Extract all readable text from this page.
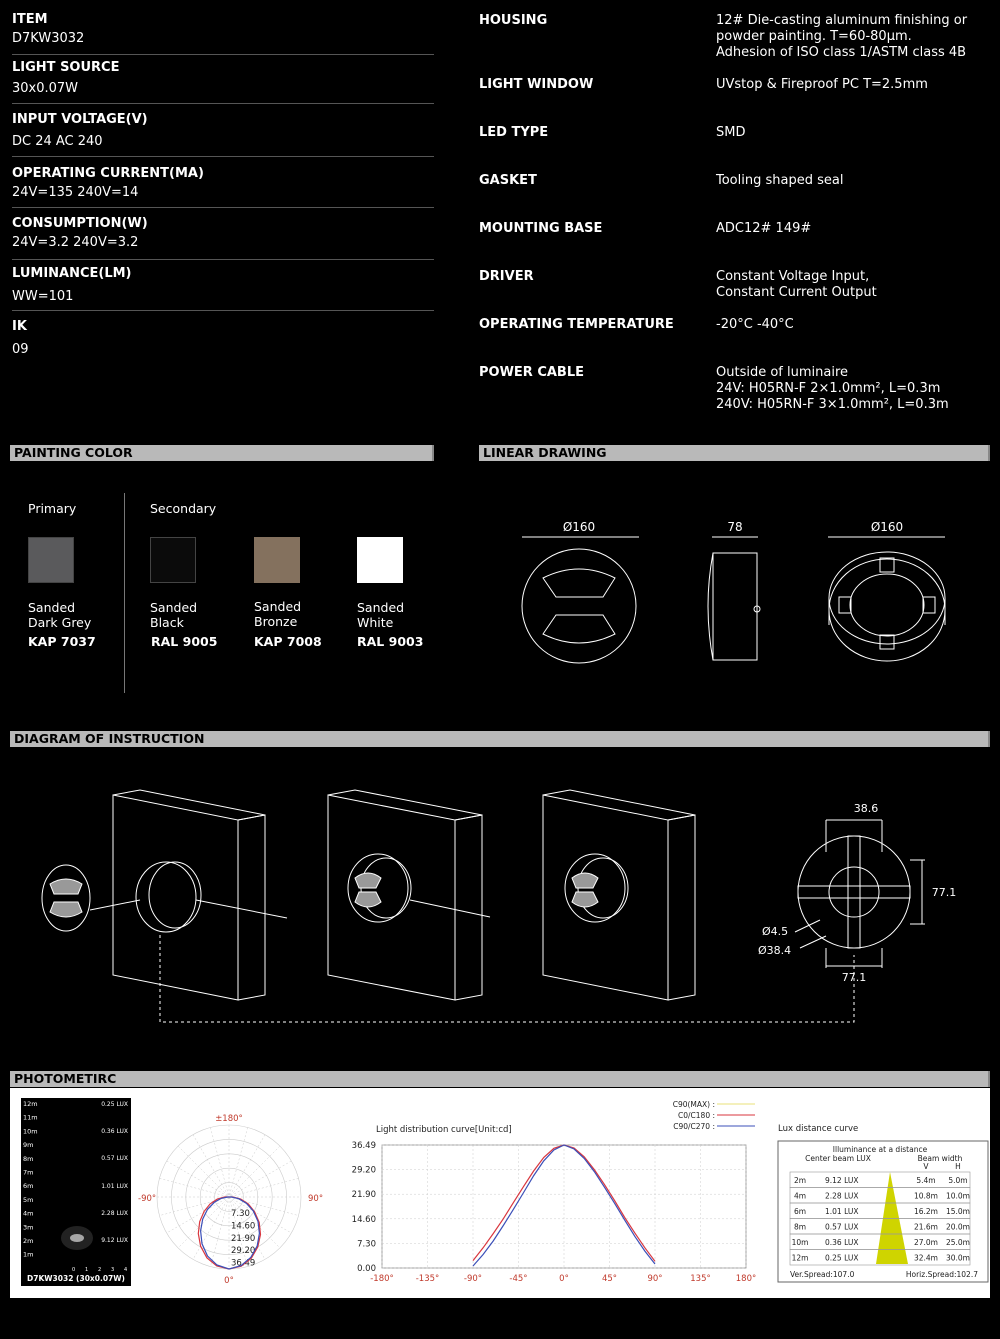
ITEM
D7KW3032
LIGHT SOURCE
30x0.07W
INPUT VOLTAGE(V)
DC 24 AC 240
OPERATING CURRENT(MA)
24V=135 240V=14
CONSUMPTION(W)
24V=3.2 240V=3.2
LUMINANCE(LM)
WW=101
IK
09
HOUSING	12# Die-casting aluminum finishing or
powder painting. T=60-80μm.
Adhesion of ISO class 1/ASTM class 4B
LIGHT WINDOW	UVstop & Fireproof PC T=2.5mm
LED TYPE	SMD
GASKET	Tooling shaped seal
MOUNTING BASE	ADC12# 149#
DRIVER	Constant Voltage Input,
Constant Current Output
OPERATING TEMPERATURE	-20°C -40°C
POWER CABLE	Outside of luminaire
24V: H05RN-F 2×1.0mm², L=0.3m
240V: H05RN-F 3×1.0mm², L=0.3m
PAINTING COLOR	LINEAR DRAWING
Primary	Secondary
Sanded
Dark Grey
Sanded
Black
Sanded
Bronze
Sanded
White
KAP 7037	RAL 9005	KAP 7008	RAL 9003
Ø160	78	Ø160
DIAGRAM OF INSTRUCTION
38.6
77.1
77.1
Ø4.5
Ø38.4
PHOTOMETIRC
12m
11m
10m
9m
8m
7m
6m
5m
4m
3m
2m
1m
0.25 LUX
0.36 LUX
0.57 LUX
1.01 LUX
2.28 LUX
9.12 LUX
0 1 2 3 4
D7KW3032 (30x0.07W)
±180°
-90°	90°
0°
7.30
14.60
21.90
29.20
36.49
Light distribution curve[Unit:cd]
C90(MAX) :
C0/C180 :
C90/C270 :
-180°	-135°	-90°	-45°	0°	45°	90°	135°	180°
36.49
29.20
21.90
14.60
7.30
0.00
Lux distance curve
Illuminance at a distance
Center beam LUX	Beam width
V	H
2m	9.12 LUX	5.4m 5.0m
4m	2.28 LUX	10.8m 10.0m
6m	1.01 LUX	16.2m 15.0m
8m	0.57 LUX	21.6m 20.0m
10m 0.36 LUX	27.0m 25.0m
12m 0.25 LUX	32.4m 30.0m
Ver.Spread:107.0	Horiz.Spread:102.7
